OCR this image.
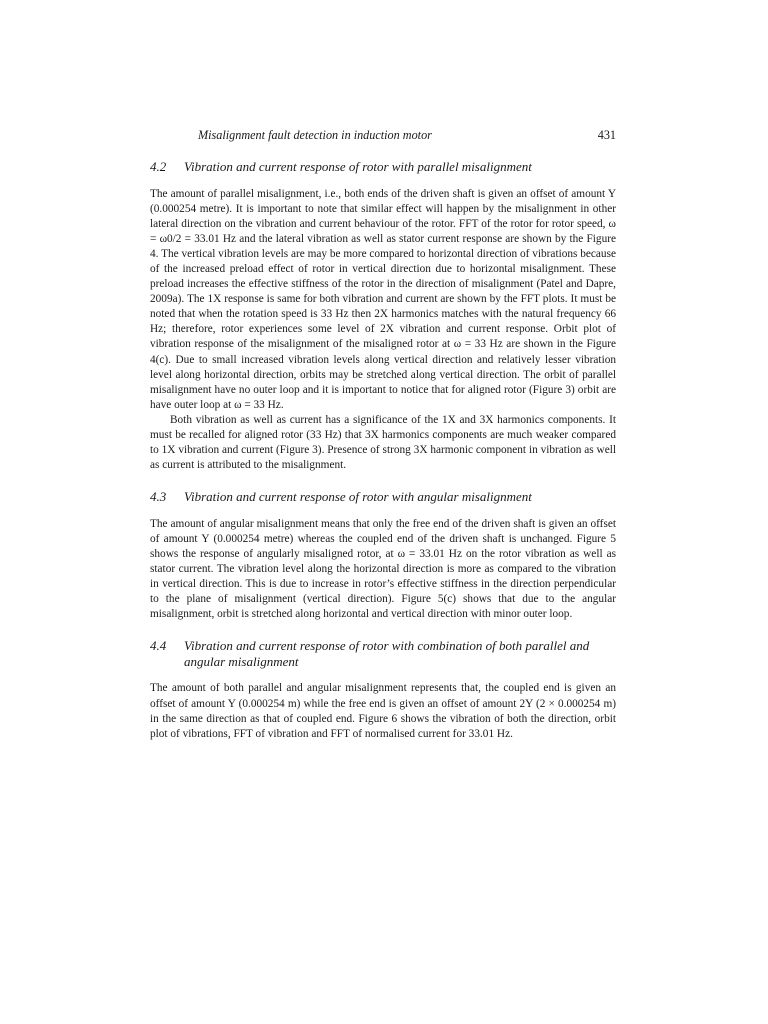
Misalignment fault detection in induction motor	431
4.2	Vibration and current response of rotor with parallel misalignment

The amount of parallel misalignment, i.e., both ends of the driven shaft is given an offset of amount Y (0.000254 metre). It is important to note that similar effect will happen by the misalignment in other lateral direction on the vibration and current behaviour of the rotor. FFT of the rotor for rotor speed, ω = ω0/2 = 33.01 Hz and the lateral vibration as well as stator current response are shown by the Figure 4. The vertical vibration levels are may be more compared to horizontal direction of vibrations because of the increased preload effect of rotor in vertical direction due to horizontal misalignment. These preload increases the effective stiffness of the rotor in the direction of misalignment (Patel and Dapre, 2009a). The 1X response is same for both vibration and current are shown by the FFT plots. It must be noted that when the rotation speed is 33 Hz then 2X harmonics matches with the natural frequency 66 Hz; therefore, rotor experiences some level of 2X vibration and current response. Orbit plot of vibration response of the misalignment of the misaligned rotor at ω = 33 Hz are shown in the Figure 4(c). Due to small increased vibration levels along vertical direction and relatively lesser vibration level along horizontal direction, orbits may be stretched along vertical direction. The orbit of parallel misalignment have no outer loop and it is important to notice that for aligned rotor (Figure 3) orbit are have outer loop at ω = 33 Hz.

Both vibration as well as current has a significance of the 1X and 3X harmonics components. It must be recalled for aligned rotor (33 Hz) that 3X harmonics components are much weaker compared to 1X vibration and current (Figure 3). Presence of strong 3X harmonic component in vibration as well as current is attributed to the misalignment.

4.3	Vibration and current response of rotor with angular misalignment

The amount of angular misalignment means that only the free end of the driven shaft is given an offset of amount Y (0.000254 metre) whereas the coupled end of the driven shaft is unchanged. Figure 5 shows the response of angularly misaligned rotor, at ω = 33.01 Hz on the rotor vibration as well as stator current. The vibration level along the horizontal direction is more as compared to the vibration in vertical direction. This is due to increase in rotor’s effective stiffness in the direction perpendicular to the plane of misalignment (vertical direction). Figure 5(c) shows that due to the angular misalignment, orbit is stretched along horizontal and vertical direction with minor outer loop.

4.4	Vibration and current response of rotor with combination of both parallel and angular misalignment

The amount of both parallel and angular misalignment represents that, the coupled end is given an offset of amount Y (0.000254 m) while the free end is given an offset of amount 2Y (2 × 0.000254 m) in the same direction as that of coupled end. Figure 6 shows the vibration of both the direction, orbit plot of vibrations, FFT of vibration and FFT of normalised current for 33.01 Hz.
